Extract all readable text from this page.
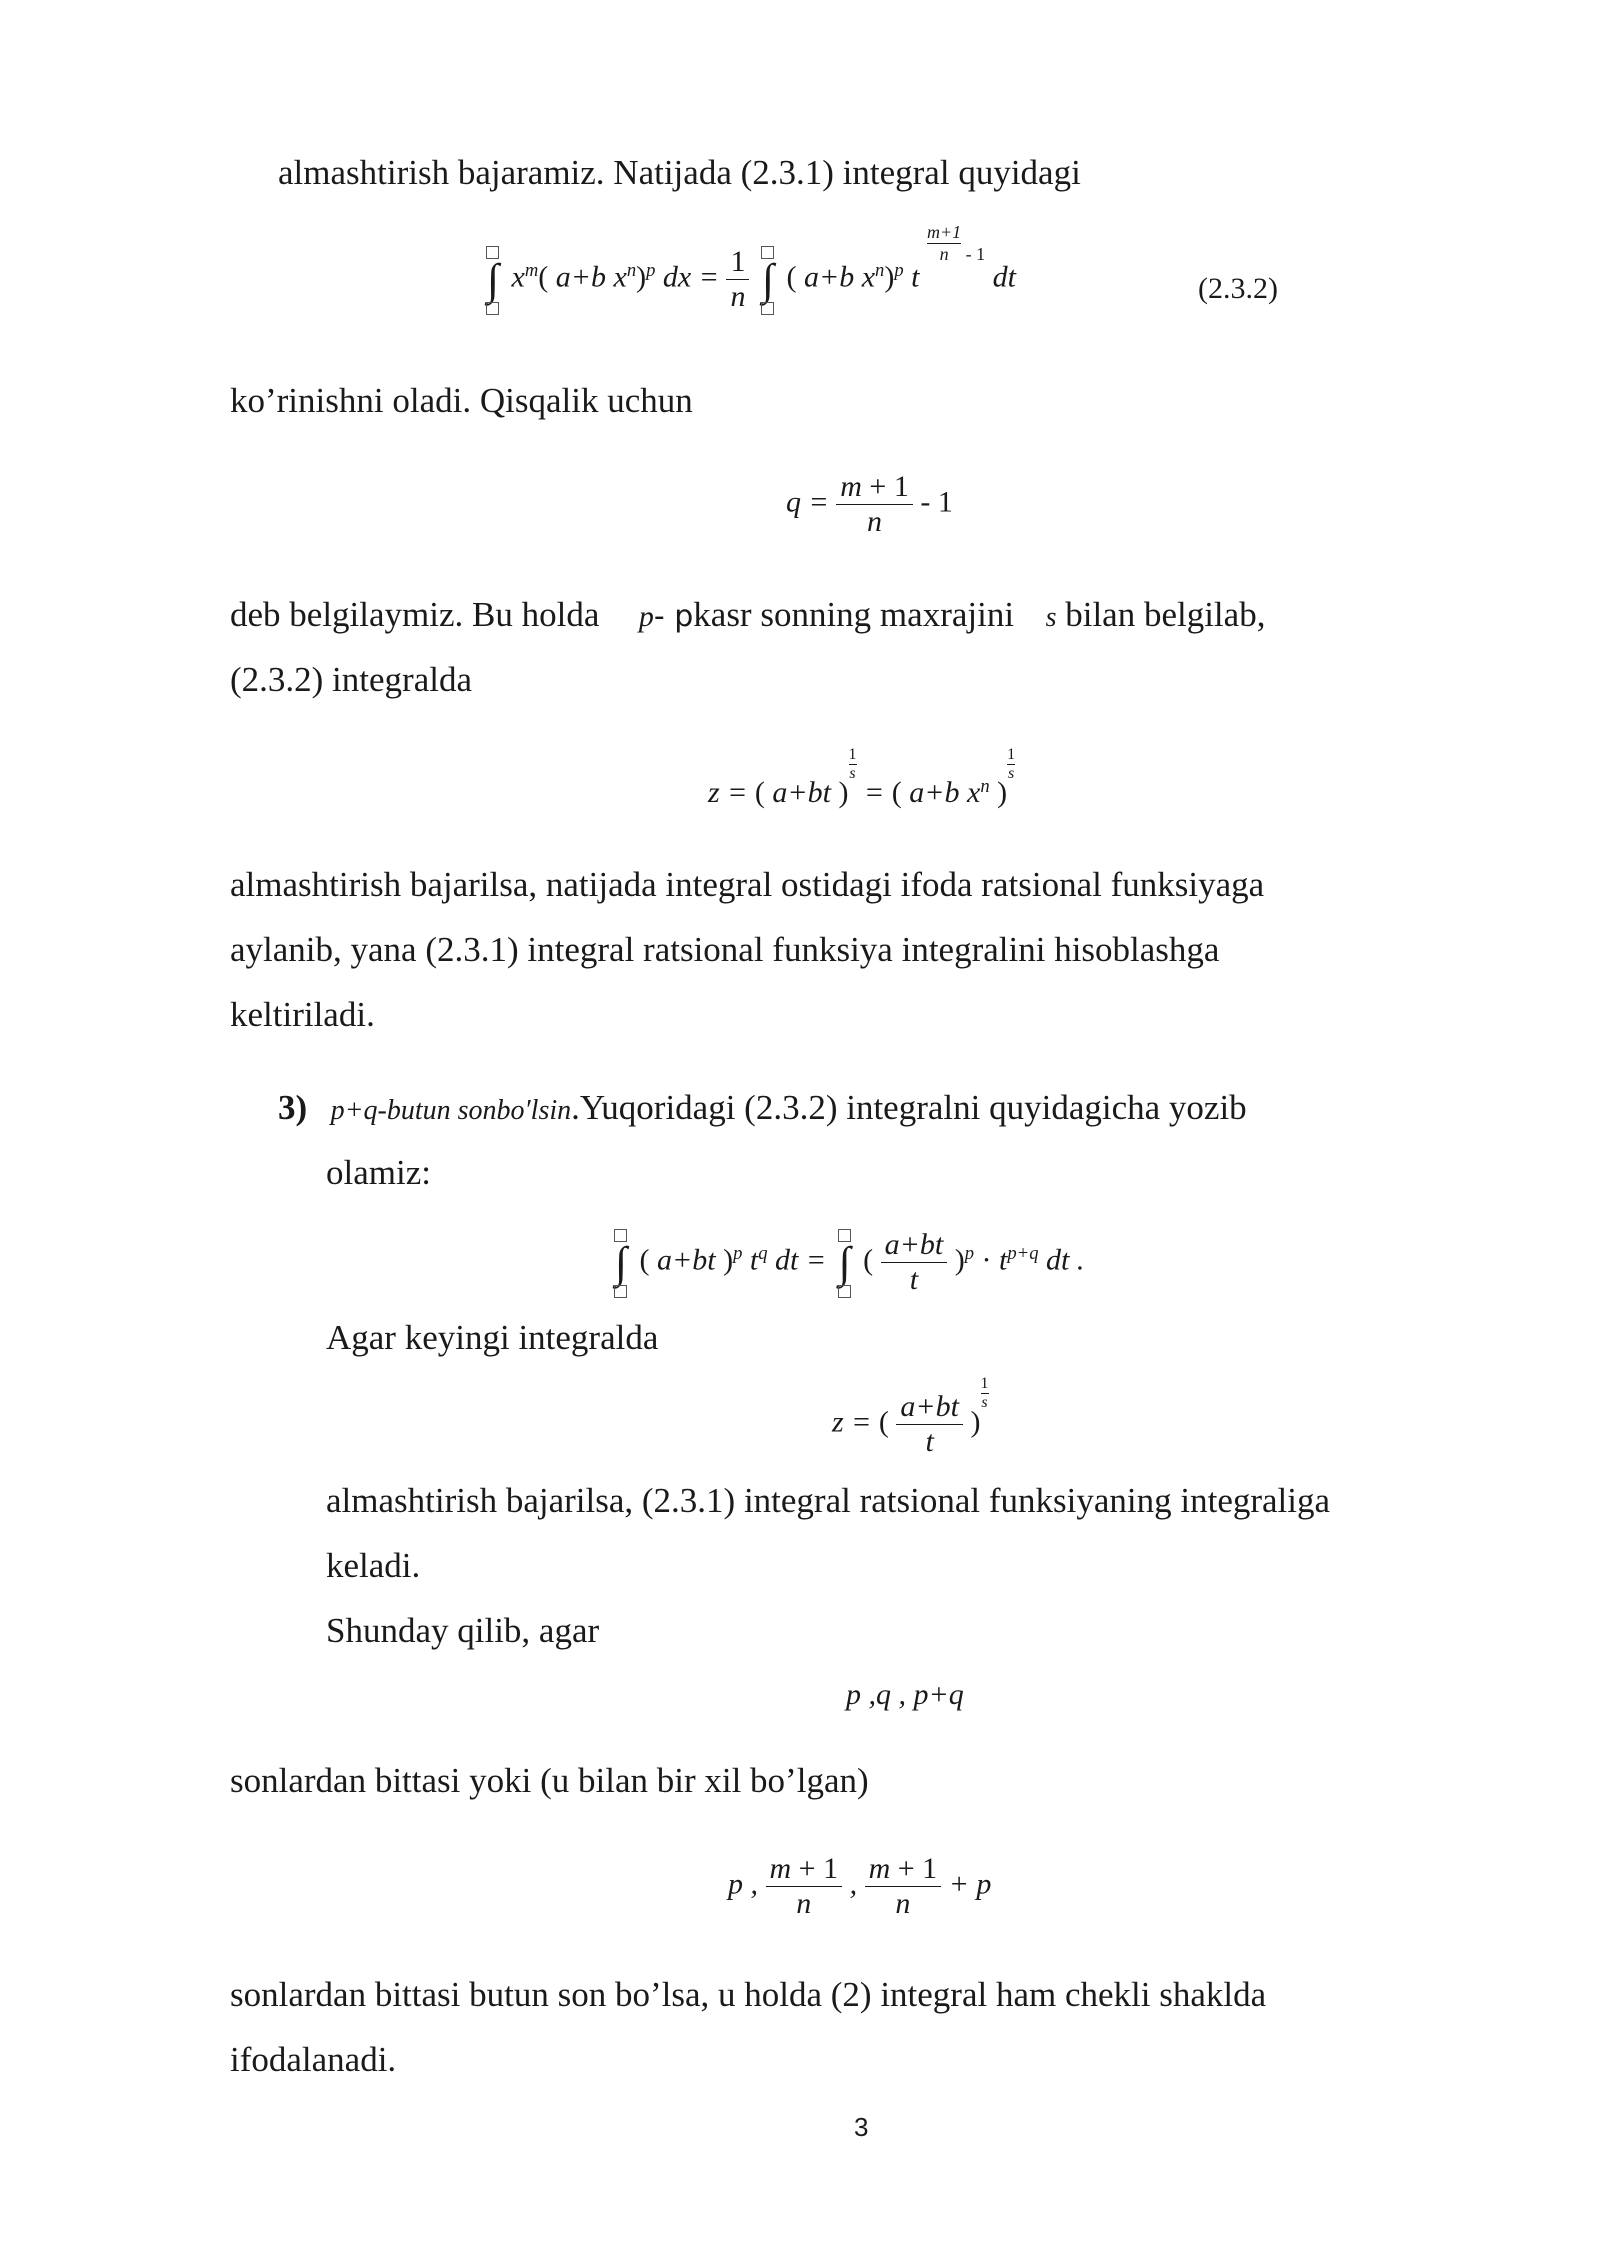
almashtirish bajaramiz. Natijada (2.3.1) integral quyidagi
∫
$x^m$( a+b $x^n)^p$ dx = $\frac{1}{n}$
∫ ( a+b $x^n)^p$ t
$\frac{m+1}{n} - 1$ dt	(2.3.2)
ko’rinishni oladi. Qisqalik uchun
$q = \frac{m + 1}{n} - 1$
deb belgilaymiz. Bu holda p- pkasr sonning maxrajini s bilan belgilab,
(2.3.2) integralda
z = ( a+bt )
$\frac{1}{s}$
= ( a+b $x^n$ )
$\frac{1}{s}$
almashtirish bajarilsa, natijada integral ostidagi ifoda ratsional funksiyaga
aylanib, yana (2.3.1) integral ratsional funksiya integralini hisoblashga
keltiriladi.
3) p+q-butun sonbo′lsin.Yuqoridagi (2.3.2) integralni quyidagicha yozib
olamiz:
∫ ( a+bt )$^p$ $t^q$ dt =
∫ ( $\frac{a+bt}{t} )^p \cdot t^{p+q}$ dt .
Agar keyingi integralda
z = ( $\frac{a+bt}{t}$ )
$\frac{1}{s}$
almashtirish bajarilsa, (2.3.1) integral ratsional funksiyaning integraliga
keladi.
Shunday qilib, agar
p ,q , p+q
sonlardan bittasi yoki (u bilan bir xil bo’lgan)
p , $\frac{m + 1}{n}$ , $\frac{m + 1}{n} + p$
sonlardan bittasi butun son bo’lsa, u holda (2) integral ham chekli shaklda
ifodalanadi.
3
